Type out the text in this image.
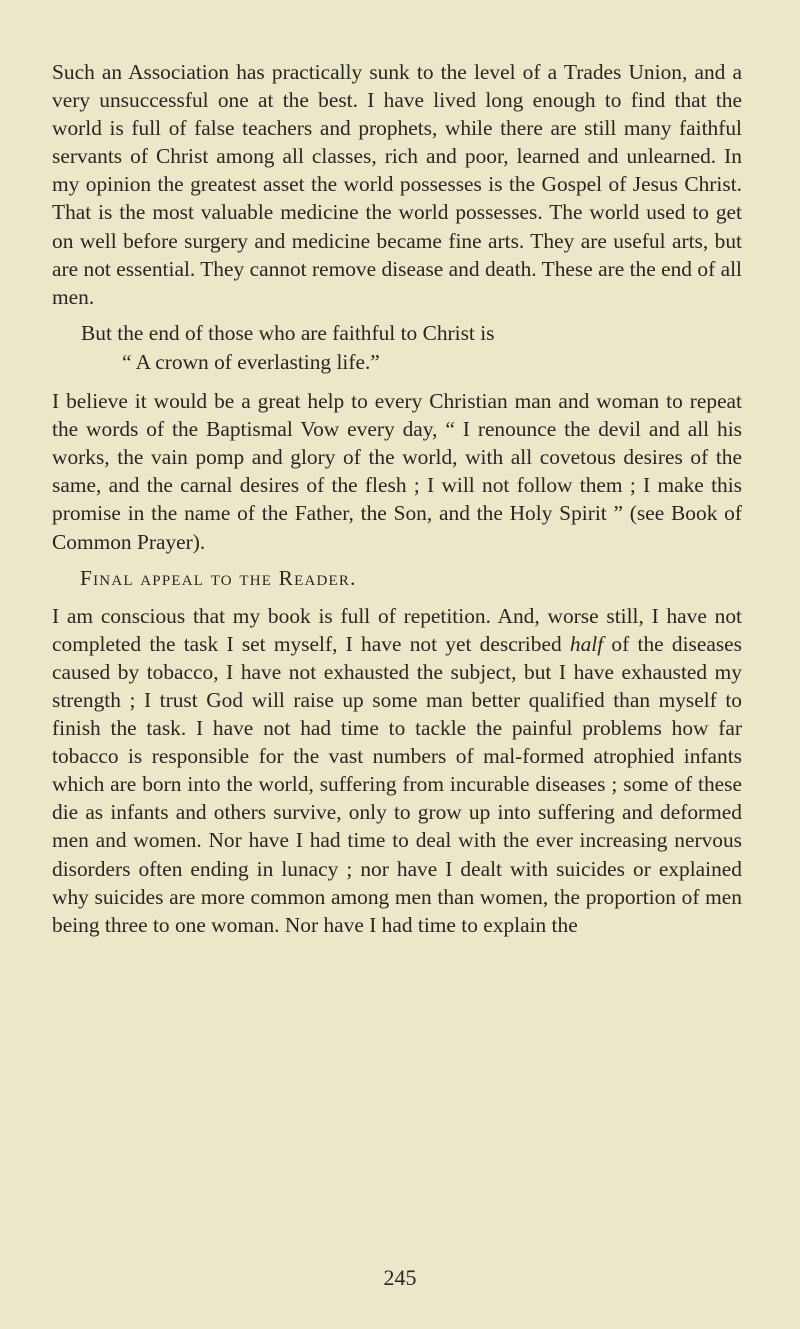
Such an Association has practically sunk to the level of a Trades Union, and a very unsuccessful one at the best. I have lived long enough to find that the world is full of false teachers and prophets, while there are still many faithful servants of Christ among all classes, rich and poor, learned and unlearned. In my opinion the greatest asset the world possesses is the Gospel of Jesus Christ. That is the most valuable medicine the world possesses. The world used to get on well before surgery and medicine became fine arts. They are useful arts, but are not essential. They cannot remove disease and death. These are the end of all men.

But the end of those who are faithful to Christ is

“ A crown of everlasting life.”

I believe it would be a great help to every Christian man and woman to repeat the words of the Baptismal Vow every day, “ I renounce the devil and all his works, the vain pomp and glory of the world, with all covetous desires of the same, and the carnal desires of the flesh ; I will not follow them ; I make this promise in the name of the Father, the Son, and the Holy Spirit ” (see Book of Common Prayer).

Final appeal to the Reader.

I am conscious that my book is full of repetition. And, worse still, I have not completed the task I set myself, I have not yet described half of the diseases caused by tobacco, I have not exhausted the subject, but I have exhausted my strength ; I trust God will raise up some man better qualified than myself to finish the task. I have not had time to tackle the painful problems how far tobacco is responsible for the vast numbers of mal-formed atrophied infants which are born into the world, suffering from incurable diseases ; some of these die as infants and others survive, only to grow up into suffering and deformed men and women. Nor have I had time to deal with the ever increasing nervous disorders often ending in lunacy ; nor have I dealt with suicides or explained why suicides are more common among men than women, the proportion of men being three to one woman. Nor have I had time to explain the

245
